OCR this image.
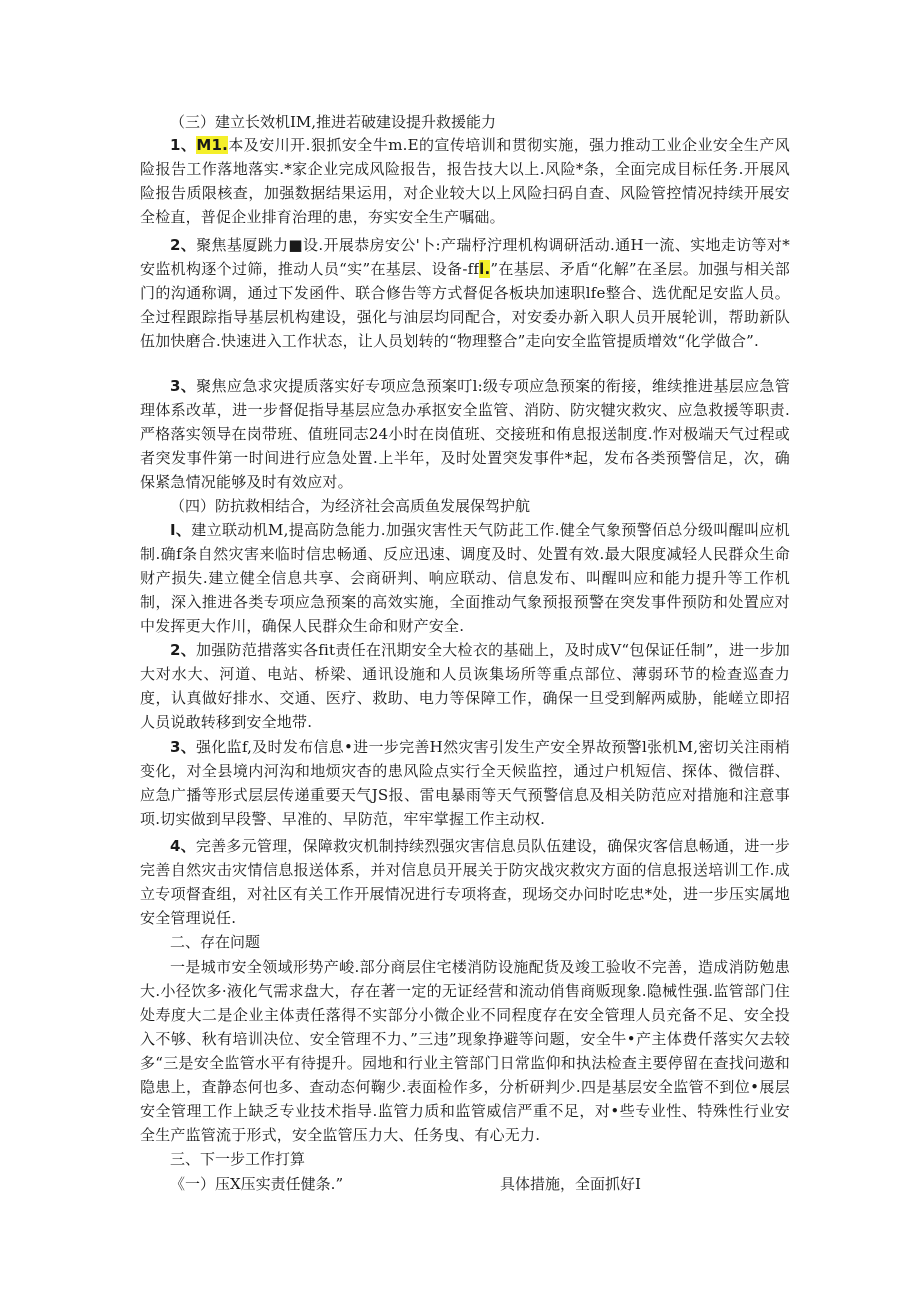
（三）建立长效机IM,推进若破建设提升救援能力

1、M1.本及安川开.狠抓安全牛m.E的宣传培训和贯彻实施，强力推动工业企业安全生产风险报告工作落地落实.*家企业完成风险报告，报告技大以上.风险*条，全面完成目标任务.开展风险报告质限核查，加强数据结果运用，对企业较大以上风险扫码自查、风险管控情况持续开展安全检直，普促企业排育治理的患，夯实安全生产嘱础。

2、聚焦基厦跳力■设.开展恭房安公'卜:产瑞杼泞理机构调研活动.通H一流、实地走访等对*安监机构逐个过筛，推动人员“实”在基层、设备-ffl.”在基层、矛盾“化解”在圣层。加强与相关部门的沟通称调，通过下发函件、联合修告等方式督促各板块加速职lfe整合、选优配足安监人员。全过程跟踪指导基层机构建设，强化与油层均同配合，对安委办新入职人员开展轮训，帮助新队伍加快磨合.快速进入工作状态，让人员划转的“物理整合”走向安全监管提质增效“化学做合”.

3、聚焦应急求灾提质落实好专项应急预案叮l:级专项应急预案的衔接，维续推进基层应急管理体系改革，进一步督促指导基层应急办承抠安全监管、消防、防灾犍灾救灾、应急救援等职责.严格落实领导在岗带班、值班同志24小时在岗值班、交接班和侑息报送制度.怍对极端天气过程或者突发事件第一时间进行应急处置.上半年，及时处置突发事件*起，发布各类预警信足，次，确保紧急情况能够及时有效应对。

（四）防抗救相结合，为经济社会高质鱼发展保驾护航

I、建立联动机M,提高防急能力.加强灾害性天气防茈工作.健全气象预警佰总分级叫醒叫应机制.确f条自然灾害来临时信忠畅通、反应迅速、调度及时、处置有效.最大限度减轻人民群众生命财产损失.建立健全信息共享、会商研判、响应联动、信息发布、叫醒叫应和能力提升等工作机制，深入推进各类专项应急预案的高效实施，全面推动气象预报预警在突发事件预防和处置应对中发挥更大作川，确保人民群众生命和财产安全.

2、加强防范措落实各fit责任在汛期安全大检衣的基础上，及时成V“包保证任制”，进一步加大对水大、河道、电站、桥梁、通讯设施和人员诙集场所等重点部位、薄弱环节的检查巡查力度，认真做好排水、交通、医疗、救助、电力等保障工作，确保一旦受到解两威胁，能嵯立即招人员说敢转移到安全地带.

3、强化监f,及时发布信息•进一步完善H然灾害引发生产安全界故预警l张机M,密切关注雨梢变化，对全县境内河沟和地烦灾杳的患风险点实行全天候监控，通过户机短信、探体、微信群、应急广播等形式层层传递重要天气JS报、雷电暴雨等天气预警信息及相关防范应对措施和注意事项.切实做到早段警、早准的、早防范，牢牢掌握工作主动权.

4、完善多元管理，保障救灾机制持续烈强灾害信息员队伍建设，确保灾客信息畅通，进一步完善自然灾击灾情信息报送体系，并对信息员开展关于防灾战灾救灾方面的信息报送培训工作.成立专项督査组，对社区有关工作开展情况进行专项将查，现场交办问时吃忠*处，进一步压实属地安全管理说任.

二、存在问题

一是城市安全领域形势产峻.部分商层住宅楼消防设施配货及竣工验收不完善，造成消防勉患大.小径饮多·液化气需求盘大，存在著一定的无证经营和流动俏售商贩现象.隐械性强.监管部门住处寿度大二是企业主体责任落得不实部分小微企业不同程度存在安全管理人员充备不足、安全投入不够、秋有培训决位、安全管理不力、”三违”现象挣避等问题，安全牛•产主体费仟落实欠去较多“三是安全监管水平有待提升。园地和行业主管部门日常监仰和执法检查主要停留在查找问遨和隐患上，査静态何也多、查动态何鞠少.表面检作多，分析研判少.四是基层安全监管不到位•展层安全管理工作上缺乏专业技术指导.监管力质和监管威信严重不足，对•些专业性、特殊性行业安全生产监管流于形式，安全监管压力大、任务曳、有心无力.

三、下一步工作打算

《一）压X压实责任健条.”	具体措施，全面抓好I
